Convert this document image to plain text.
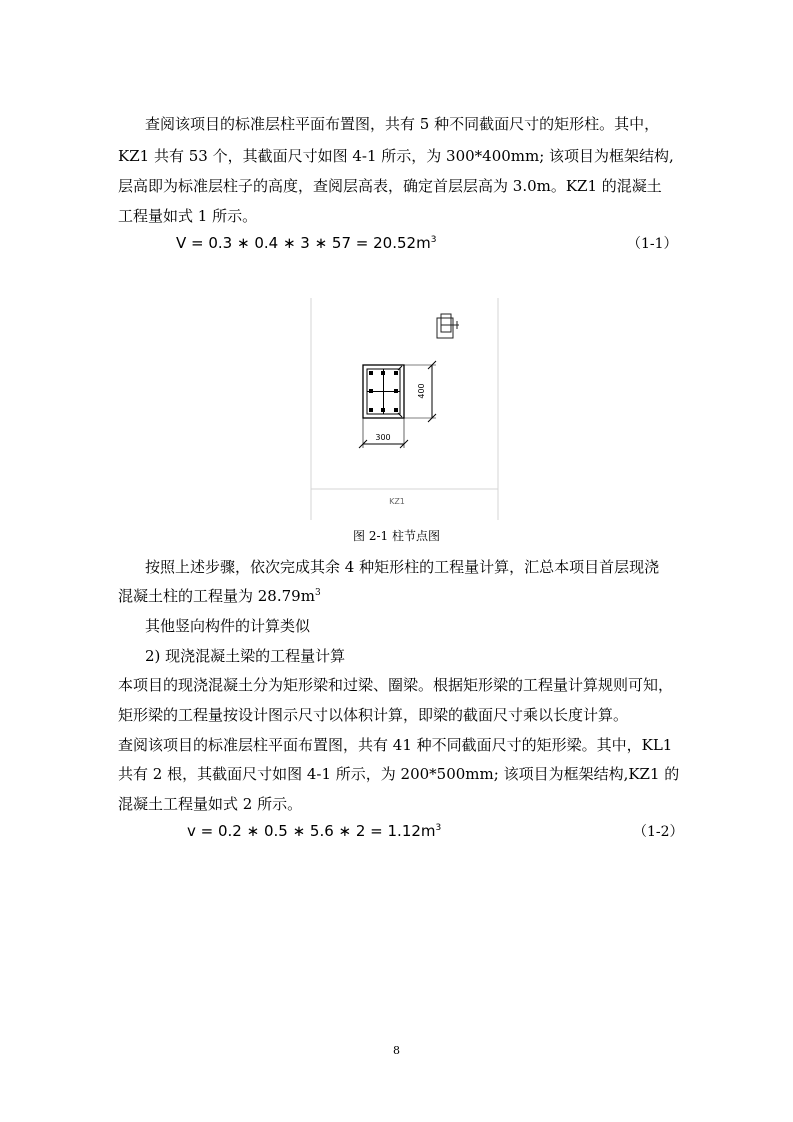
查阅该项目的标准层柱平面布置图，共有 5 种不同截面尺寸的矩形柱。其中，
KZ1 共有 53 个，其截面尺寸如图 4-1 所示，为 300*400mm; 该项目为框架结构,
层高即为标准层柱子的高度，查阅层高表，确定首层层高为 3.0m。KZ1 的混凝土
工程量如式 1 所示。
V = 0.3 ∗ 0.4 ∗ 3 ∗ $57 = 20.52m^3$	（1-1）
400
300
KZ1
图 2-1 柱节点图
按照上述步骤，依次完成其余 4 种矩形柱的工程量计算，汇总本项目首层现浇
混凝土柱的工程量为 $28.79m^3$
其他竖向构件的计算类似
2) 现浇混凝土梁的工程量计算
本项目的现浇混凝土分为矩形梁和过梁、圈梁。根据矩形梁的工程量计算规则可知，
矩形梁的工程量按设计图示尺寸以体积计算，即梁的截面尺寸乘以长度计算。
查阅该项目的标准层柱平面布置图，共有 41 种不同截面尺寸的矩形梁。其中，KL1
共有 2 根，其截面尺寸如图 4-1 所示，为 200*500mm; 该项目为框架结构,KZ1 的
混凝土工程量如式 2 所示。
v = 0.2 ∗ 0.5 ∗ 5.6 ∗ $2 = 1.12m^3$	（1-2）
8
